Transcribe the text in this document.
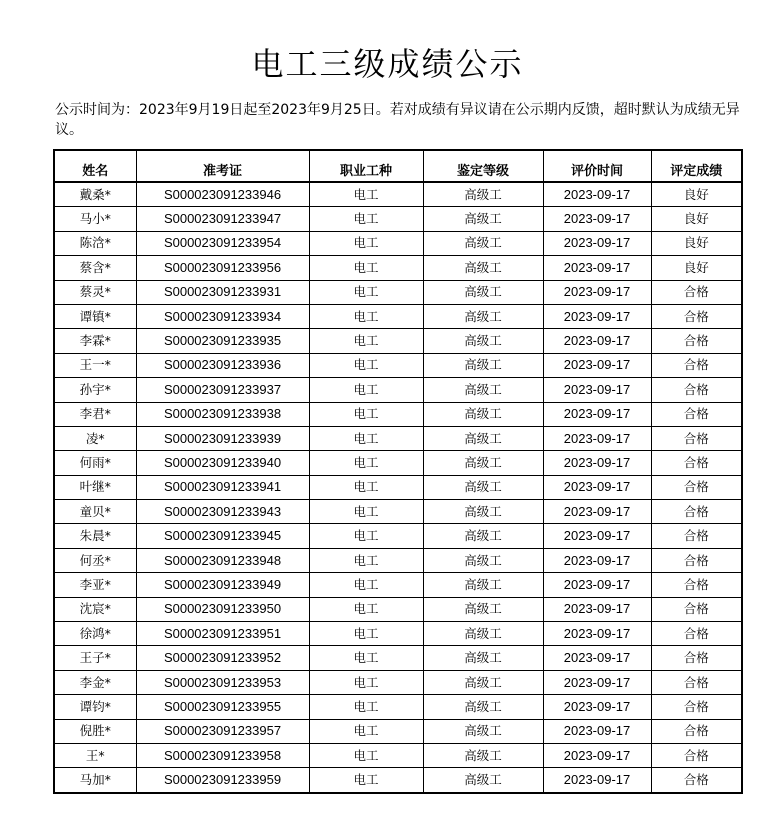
电工三级成绩公示
公示时间为：2023年9月19日起至2023年9月25日。若对成绩有异议请在公示期内反馈，超时默认为成绩无异议。
姓名	准考证	职业工种	鉴定等级	评价时间	评定成绩
戴桑*	S000023091233946	电工	高级工	2023-09-17	良好
马小*	S000023091233947	电工	高级工	2023-09-17	良好
陈浛*	S000023091233954	电工	高级工	2023-09-17	良好
蔡含*	S000023091233956	电工	高级工	2023-09-17	良好
蔡灵*	S000023091233931	电工	高级工	2023-09-17	合格
谭镇*	S000023091233934	电工	高级工	2023-09-17	合格
李霖*	S000023091233935	电工	高级工	2023-09-17	合格
王一*	S000023091233936	电工	高级工	2023-09-17	合格
孙宇*	S000023091233937	电工	高级工	2023-09-17	合格
李君*	S000023091233938	电工	高级工	2023-09-17	合格
凌*	S000023091233939	电工	高级工	2023-09-17	合格
何雨*	S000023091233940	电工	高级工	2023-09-17	合格
叶继*	S000023091233941	电工	高级工	2023-09-17	合格
童贝*	S000023091233943	电工	高级工	2023-09-17	合格
朱晨*	S000023091233945	电工	高级工	2023-09-17	合格
何丞*	S000023091233948	电工	高级工	2023-09-17	合格
李亚*	S000023091233949	电工	高级工	2023-09-17	合格
沈宸*	S000023091233950	电工	高级工	2023-09-17	合格
徐鸿*	S000023091233951	电工	高级工	2023-09-17	合格
王子*	S000023091233952	电工	高级工	2023-09-17	合格
李金*	S000023091233953	电工	高级工	2023-09-17	合格
谭钧*	S000023091233955	电工	高级工	2023-09-17	合格
倪胜*	S000023091233957	电工	高级工	2023-09-17	合格
王*	S000023091233958	电工	高级工	2023-09-17	合格
马加*	S000023091233959	电工	高级工	2023-09-17	合格
